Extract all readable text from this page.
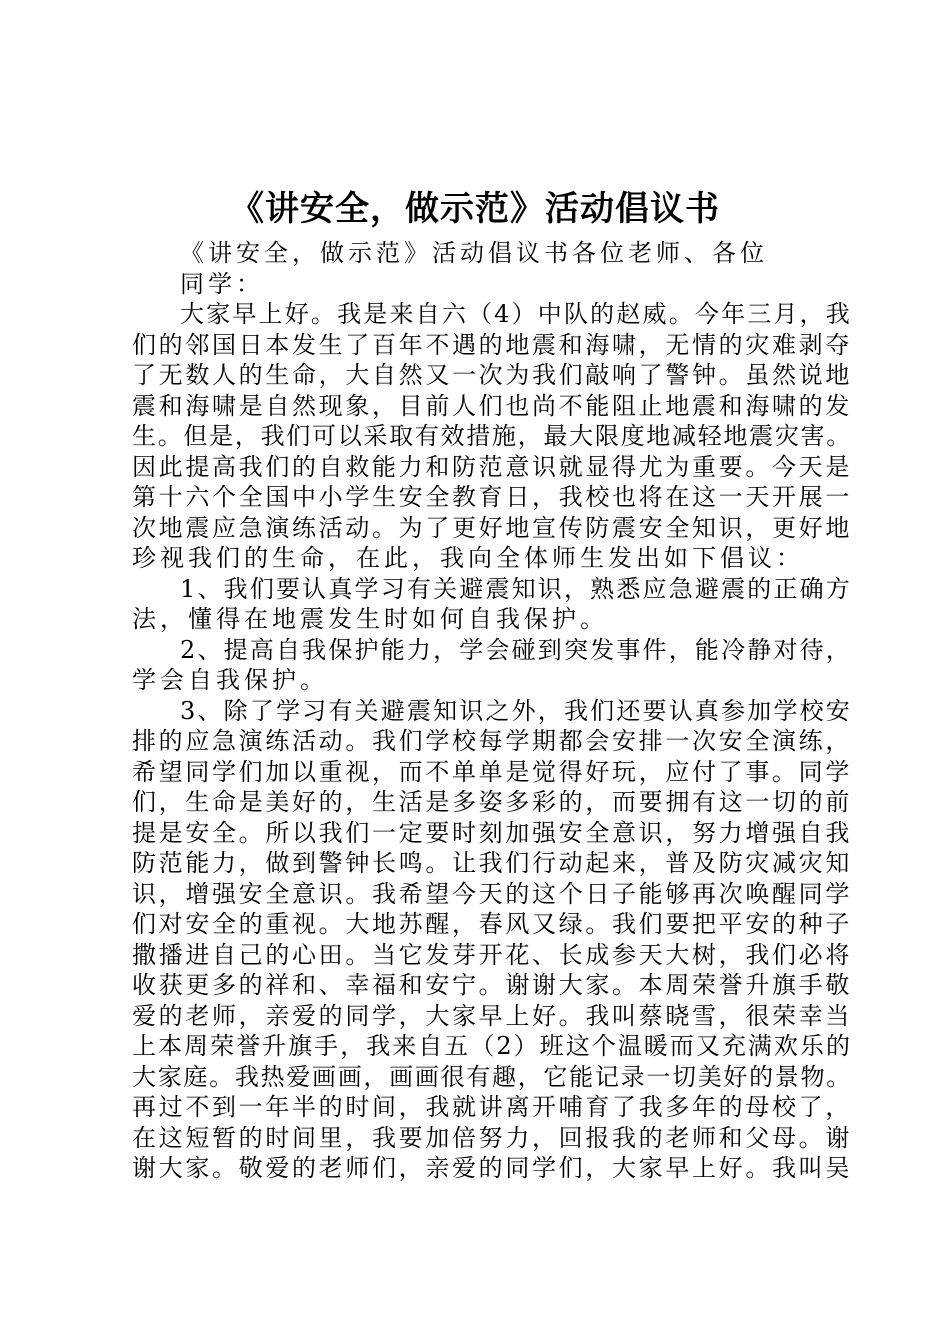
《讲安全，做示范》活动倡议书
《讲安全，做示范》活动倡议书各位老师、各位
同学：
大家早上好。我是来自六（4）中队的赵威。今年三月，我
们的邻国日本发生了百年不遇的地震和海啸，无情的灾难剥夺
了无数人的生命，大自然又一次为我们敲响了警钟。虽然说地
震和海啸是自然现象，目前人们也尚不能阻止地震和海啸的发
生。但是，我们可以采取有效措施，最大限度地减轻地震灾害。
因此提高我们的自救能力和防范意识就显得尤为重要。今天是
第十六个全国中小学生安全教育日，我校也将在这一天开展一
次地震应急演练活动。为了更好地宣传防震安全知识，更好地
珍视我们的生命，在此，我向全体师生发出如下倡议：
1、我们要认真学习有关避震知识，熟悉应急避震的正确方
法，懂得在地震发生时如何自我保护。
2、提高自我保护能力，学会碰到突发事件，能冷静对待，
学会自我保护。
3、除了学习有关避震知识之外，我们还要认真参加学校安
排的应急演练活动。我们学校每学期都会安排一次安全演练，
希望同学们加以重视，而不单单是觉得好玩，应付了事。同学
们，生命是美好的，生活是多姿多彩的，而要拥有这一切的前
提是安全。所以我们一定要时刻加强安全意识，努力增强自我
防范能力，做到警钟长鸣。让我们行动起来，普及防灾减灾知
识，增强安全意识。我希望今天的这个日子能够再次唤醒同学
们对安全的重视。大地苏醒，春风又绿。我们要把平安的种子
撒播进自己的心田。当它发芽开花、长成参天大树，我们必将
收获更多的祥和、幸福和安宁。谢谢大家。本周荣誉升旗手敬
爱的老师，亲爱的同学，大家早上好。我叫蔡晓雪，很荣幸当
上本周荣誉升旗手，我来自五（2）班这个温暖而又充满欢乐的
大家庭。我热爱画画，画画很有趣，它能记录一切美好的景物。
再过不到一年半的时间，我就讲离开哺育了我多年的母校了，
在这短暂的时间里，我要加倍努力，回报我的老师和父母。谢
谢大家。敬爱的老师们，亲爱的同学们，大家早上好。我叫吴
